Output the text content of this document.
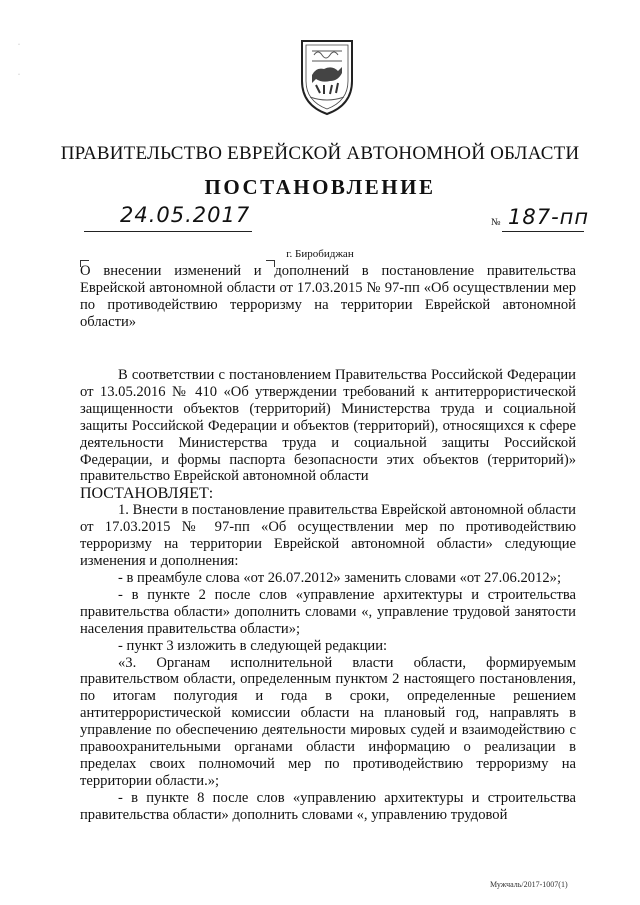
·
·
ПРАВИТЕЛЬСТВО ЕВРЕЙСКОЙ АВТОНОМНОЙ ОБЛАСТИ
ПОСТАНОВЛЕНИЕ
24.05.2017	№ 187-пп
г. Биробиджан
О внесении изменений и дополнений в постановление правительства Еврейской автономной области от 17.03.2015 № 97-пп «Об осуществлении мер по противодействию терроризму на территории Еврейской автономной области»

В соответствии с постановлением Правительства Российской Федерации от 13.05.2016 № 410 «Об утверждении требований к антитеррористической защищенности объектов (территорий) Министерства труда и социальной защиты Российской Федерации и объектов (территорий), относящихся к сфере деятельности Министерства труда и социальной защиты Российской Федерации, и формы паспорта безопасности этих объектов (территорий)» правительство Еврейской автономной области

ПОСТАНОВЛЯЕТ:

1. Внести в постановление правительства Еврейской автономной области от 17.03.2015 № 97-пп «Об осуществлении мер по противодействию терроризму на территории Еврейской автономной области» следующие изменения и дополнения:

- в преамбуле слова «от 26.07.2012» заменить словами «от 27.06.2012»;

- в пункте 2 после слов «управление архитектуры и строительства правительства области» дополнить словами «, управление трудовой занятости населения правительства области»;

- пункт 3 изложить в следующей редакции:

«3. Органам исполнительной власти области, формируемым правительством области, определенным пунктом 2 настоящего постановления, по итогам полугодия и года в сроки, определенные решением антитеррористической комиссии области на плановый год, направлять в управление по обеспечению деятельности мировых судей и взаимодействию с правоохранительными органами области информацию о реализации в пределах своих полномочий мер по противодействию терроризму на территории области.»;

- в пункте 8 после слов «управлению архитектуры и строительства правительства области» дополнить словами «, управлению трудовой

Мужчаль/2017-1007(1)
